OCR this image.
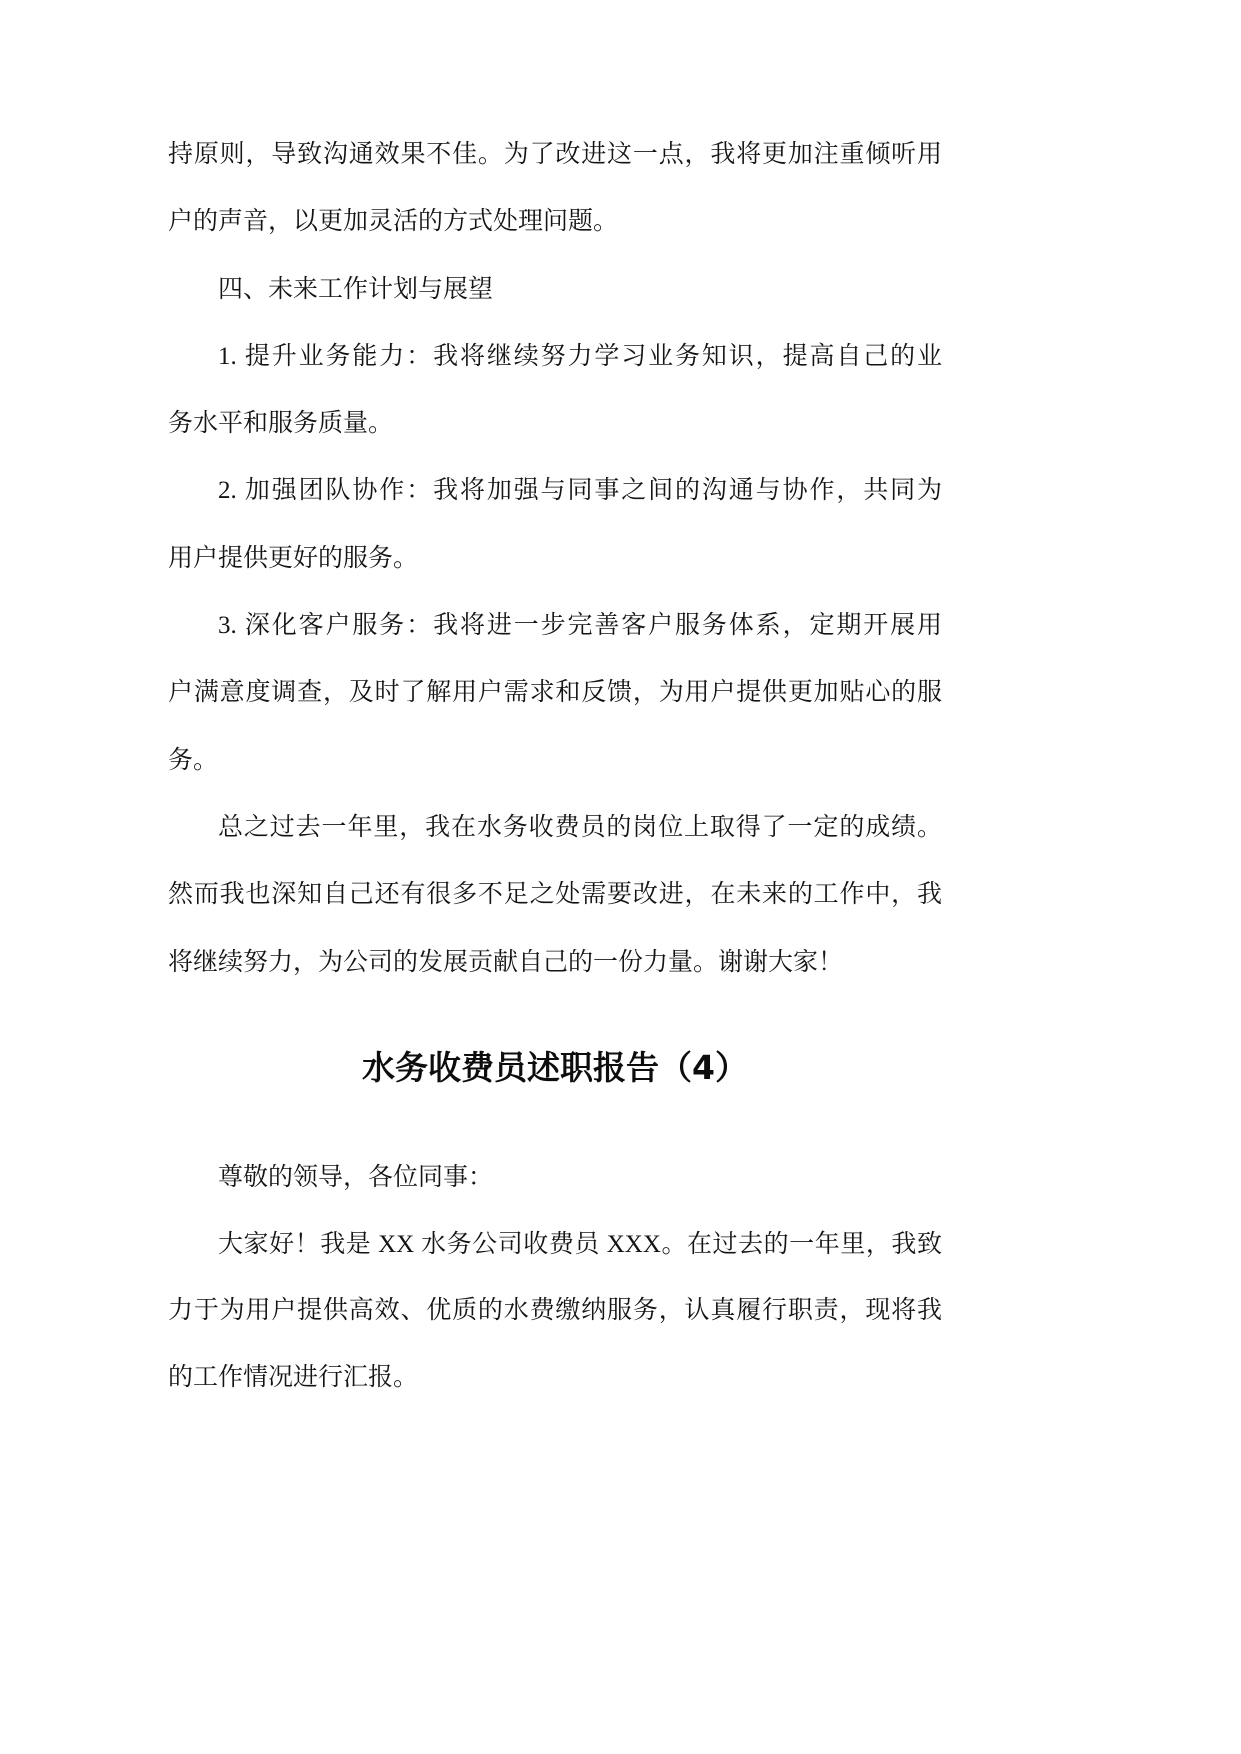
持原则，导致沟通效果不佳。为了改进这一点，我将更加注重倾听用
户的声音，以更加灵活的方式处理问题。
四、未来工作计划与展望
1. 提升业务能力：我将继续努力学习业务知识，提高自己的业
务水平和服务质量。
2. 加强团队协作：我将加强与同事之间的沟通与协作，共同为
用户提供更好的服务。
3. 深化客户服务：我将进一步完善客户服务体系，定期开展用
户满意度调查，及时了解用户需求和反馈，为用户提供更加贴心的服
务。
总之过去一年里，我在水务收费员的岗位上取得了一定的成绩。
然而我也深知自己还有很多不足之处需要改进，在未来的工作中，我
将继续努力，为公司的发展贡献自己的一份力量。谢谢大家！
水务收费员述职报告（4）
尊敬的领导，各位同事：
大家好！我是 XX 水务公司收费员 XXX。在过去的一年里，我致
力于为用户提供高效、优质的水费缴纳服务，认真履行职责，现将我
的工作情况进行汇报。
